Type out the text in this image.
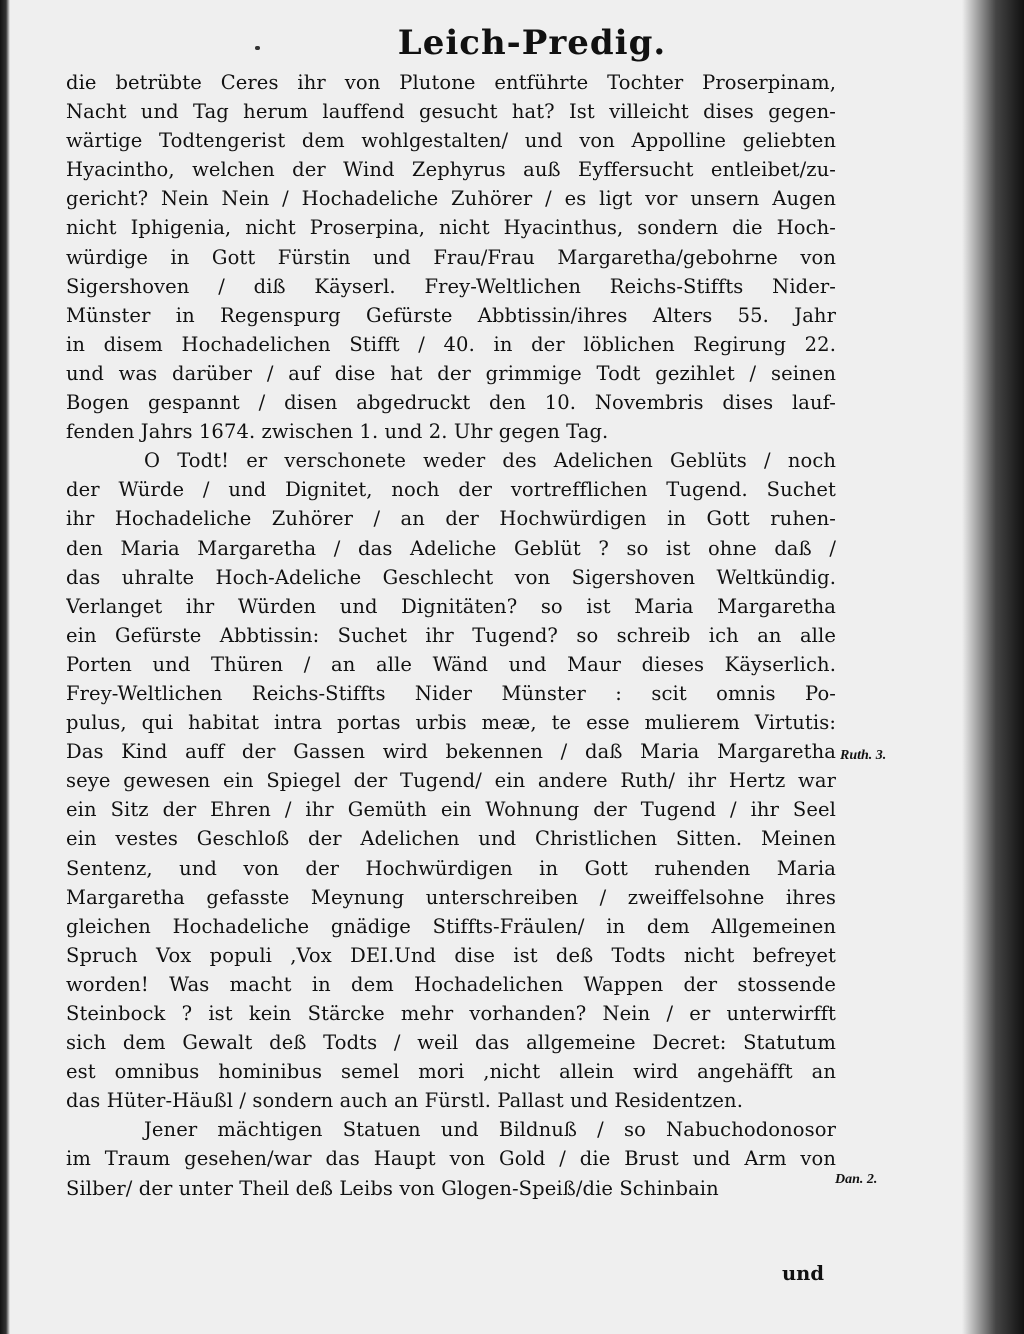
Leich-Predig.
die betrübte Ceres ihr von Plutone entführte Tochter Proserpinam,
Nacht und Tag herum lauffend gesucht hat? Ist villeicht dises gegen-
wärtige Todtengerist dem wohlgestalten/ und von Appolline geliebten
Hyacintho, welchen der Wind Zephyrus auß Eyffersucht entleibet/zu-
gericht? Nein Nein / Hochadeliche Zuhörer / es ligt vor unsern Augen
nicht Iphigenia, nicht Proserpina, nicht Hyacinthus, sondern die Hoch-
würdige in Gott Fürstin und Frau/Frau Margaretha/gebohrne von
Sigershoven / diß Käyserl. Frey-Weltlichen Reichs-Stiffts Nider-
Münster in Regenspurg Gefürste Abbtissin/ihres Alters 55. Jahr
in disem Hochadelichen Stifft / 40. in der löblichen Regirung 22.
und was darüber / auf dise hat der grimmige Todt gezihlet / seinen
Bogen gespannt / disen abgedruckt den 10. Novembris dises lauf-
fenden Jahrs 1674. zwischen 1. und 2. Uhr gegen Tag.
O Todt! er verschonete weder des Adelichen Geblüts / noch
der Würde / und Dignitet, noch der vortrefflichen Tugend. Suchet
ihr Hochadeliche Zuhörer / an der Hochwürdigen in Gott ruhen-
den Maria Margaretha / das Adeliche Geblüt ? so ist ohne daß /
das uhralte Hoch-Adeliche Geschlecht von Sigershoven Weltkündig.
Verlanget ihr Würden und Dignitäten? so ist Maria Margaretha
ein Gefürste Abbtissin: Suchet ihr Tugend? so schreib ich an alle
Porten und Thüren / an alle Wänd und Maur dieses Käyserlich.
Frey-Weltlichen Reichs-Stiffts Nider Münster : scit omnis Po-
pulus, qui habitat intra portas urbis meæ, te esse mulierem Virtutis:
Das Kind auff der Gassen wird bekennen / daß Maria Margaretha
seye gewesen ein Spiegel der Tugend/ ein andere Ruth/ ihr Hertz war
ein Sitz der Ehren / ihr Gemüth ein Wohnung der Tugend / ihr Seel
ein vestes Geschloß der Adelichen und Christlichen Sitten. Meinen
Sentenz, und von der Hochwürdigen in Gott ruhenden Maria
Margaretha gefasste Meynung unterschreiben / zweiffelsohne ihres
gleichen Hochadeliche gnädige Stiffts-Fräulen/ in dem Allgemeinen
Spruch Vox populi ,Vox DEI.Und dise ist deß Todts nicht befreyet
worden! Was macht in dem Hochadelichen Wappen der stossende
Steinbock ? ist kein Stärcke mehr vorhanden? Nein / er unterwirfft
sich dem Gewalt deß Todts / weil das allgemeine Decret: Statutum
est omnibus hominibus semel mori ,nicht allein wird angehäfft an
das Hüter-Häußl / sondern auch an Fürstl. Pallast und Residentzen.
Jener mächtigen Statuen und Bildnuß / so Nabuchodonosor
im Traum gesehen/war das Haupt von Gold / die Brust und Arm von
Silber/ der unter Theil deß Leibs von Glogen-Speiß/die Schinbain
Ruth. 3.
Dan. 2.
und
